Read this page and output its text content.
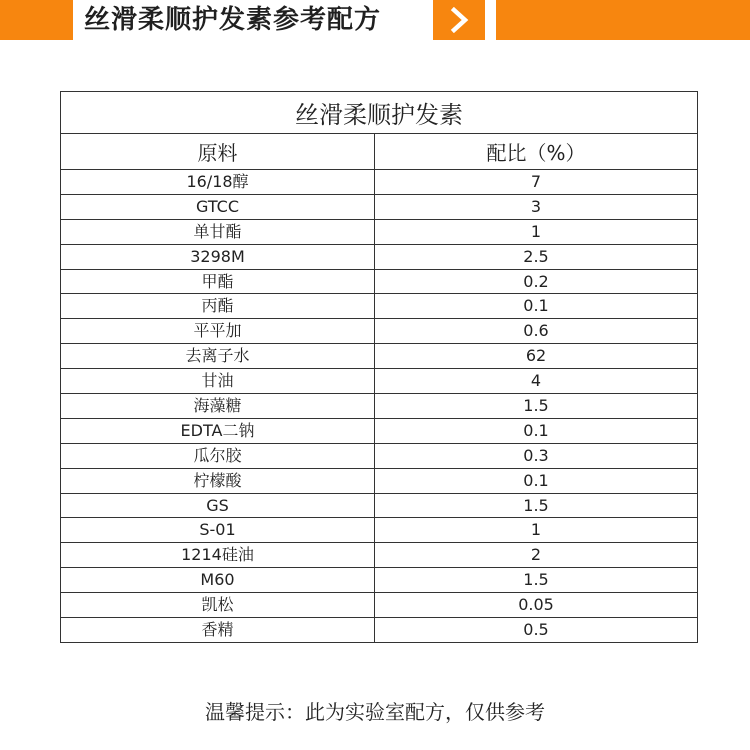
丝滑柔顺护发素参考配方
丝滑柔顺护发素	
原料	配比（%）
16/18醇	7
GTCC	3
单甘酯	1
3298M	2.5
甲酯	0.2
丙酯	0.1
平平加	0.6
去离子水	62
甘油	4
海藻糖	1.5
EDTA二钠	0.1
瓜尔胶	0.3
柠檬酸	0.1
GS	1.5
S-01	1
1214硅油	2
M60	1.5
凯松	0.05
香精	0.5
温馨提示：此为实验室配方，仅供参考
